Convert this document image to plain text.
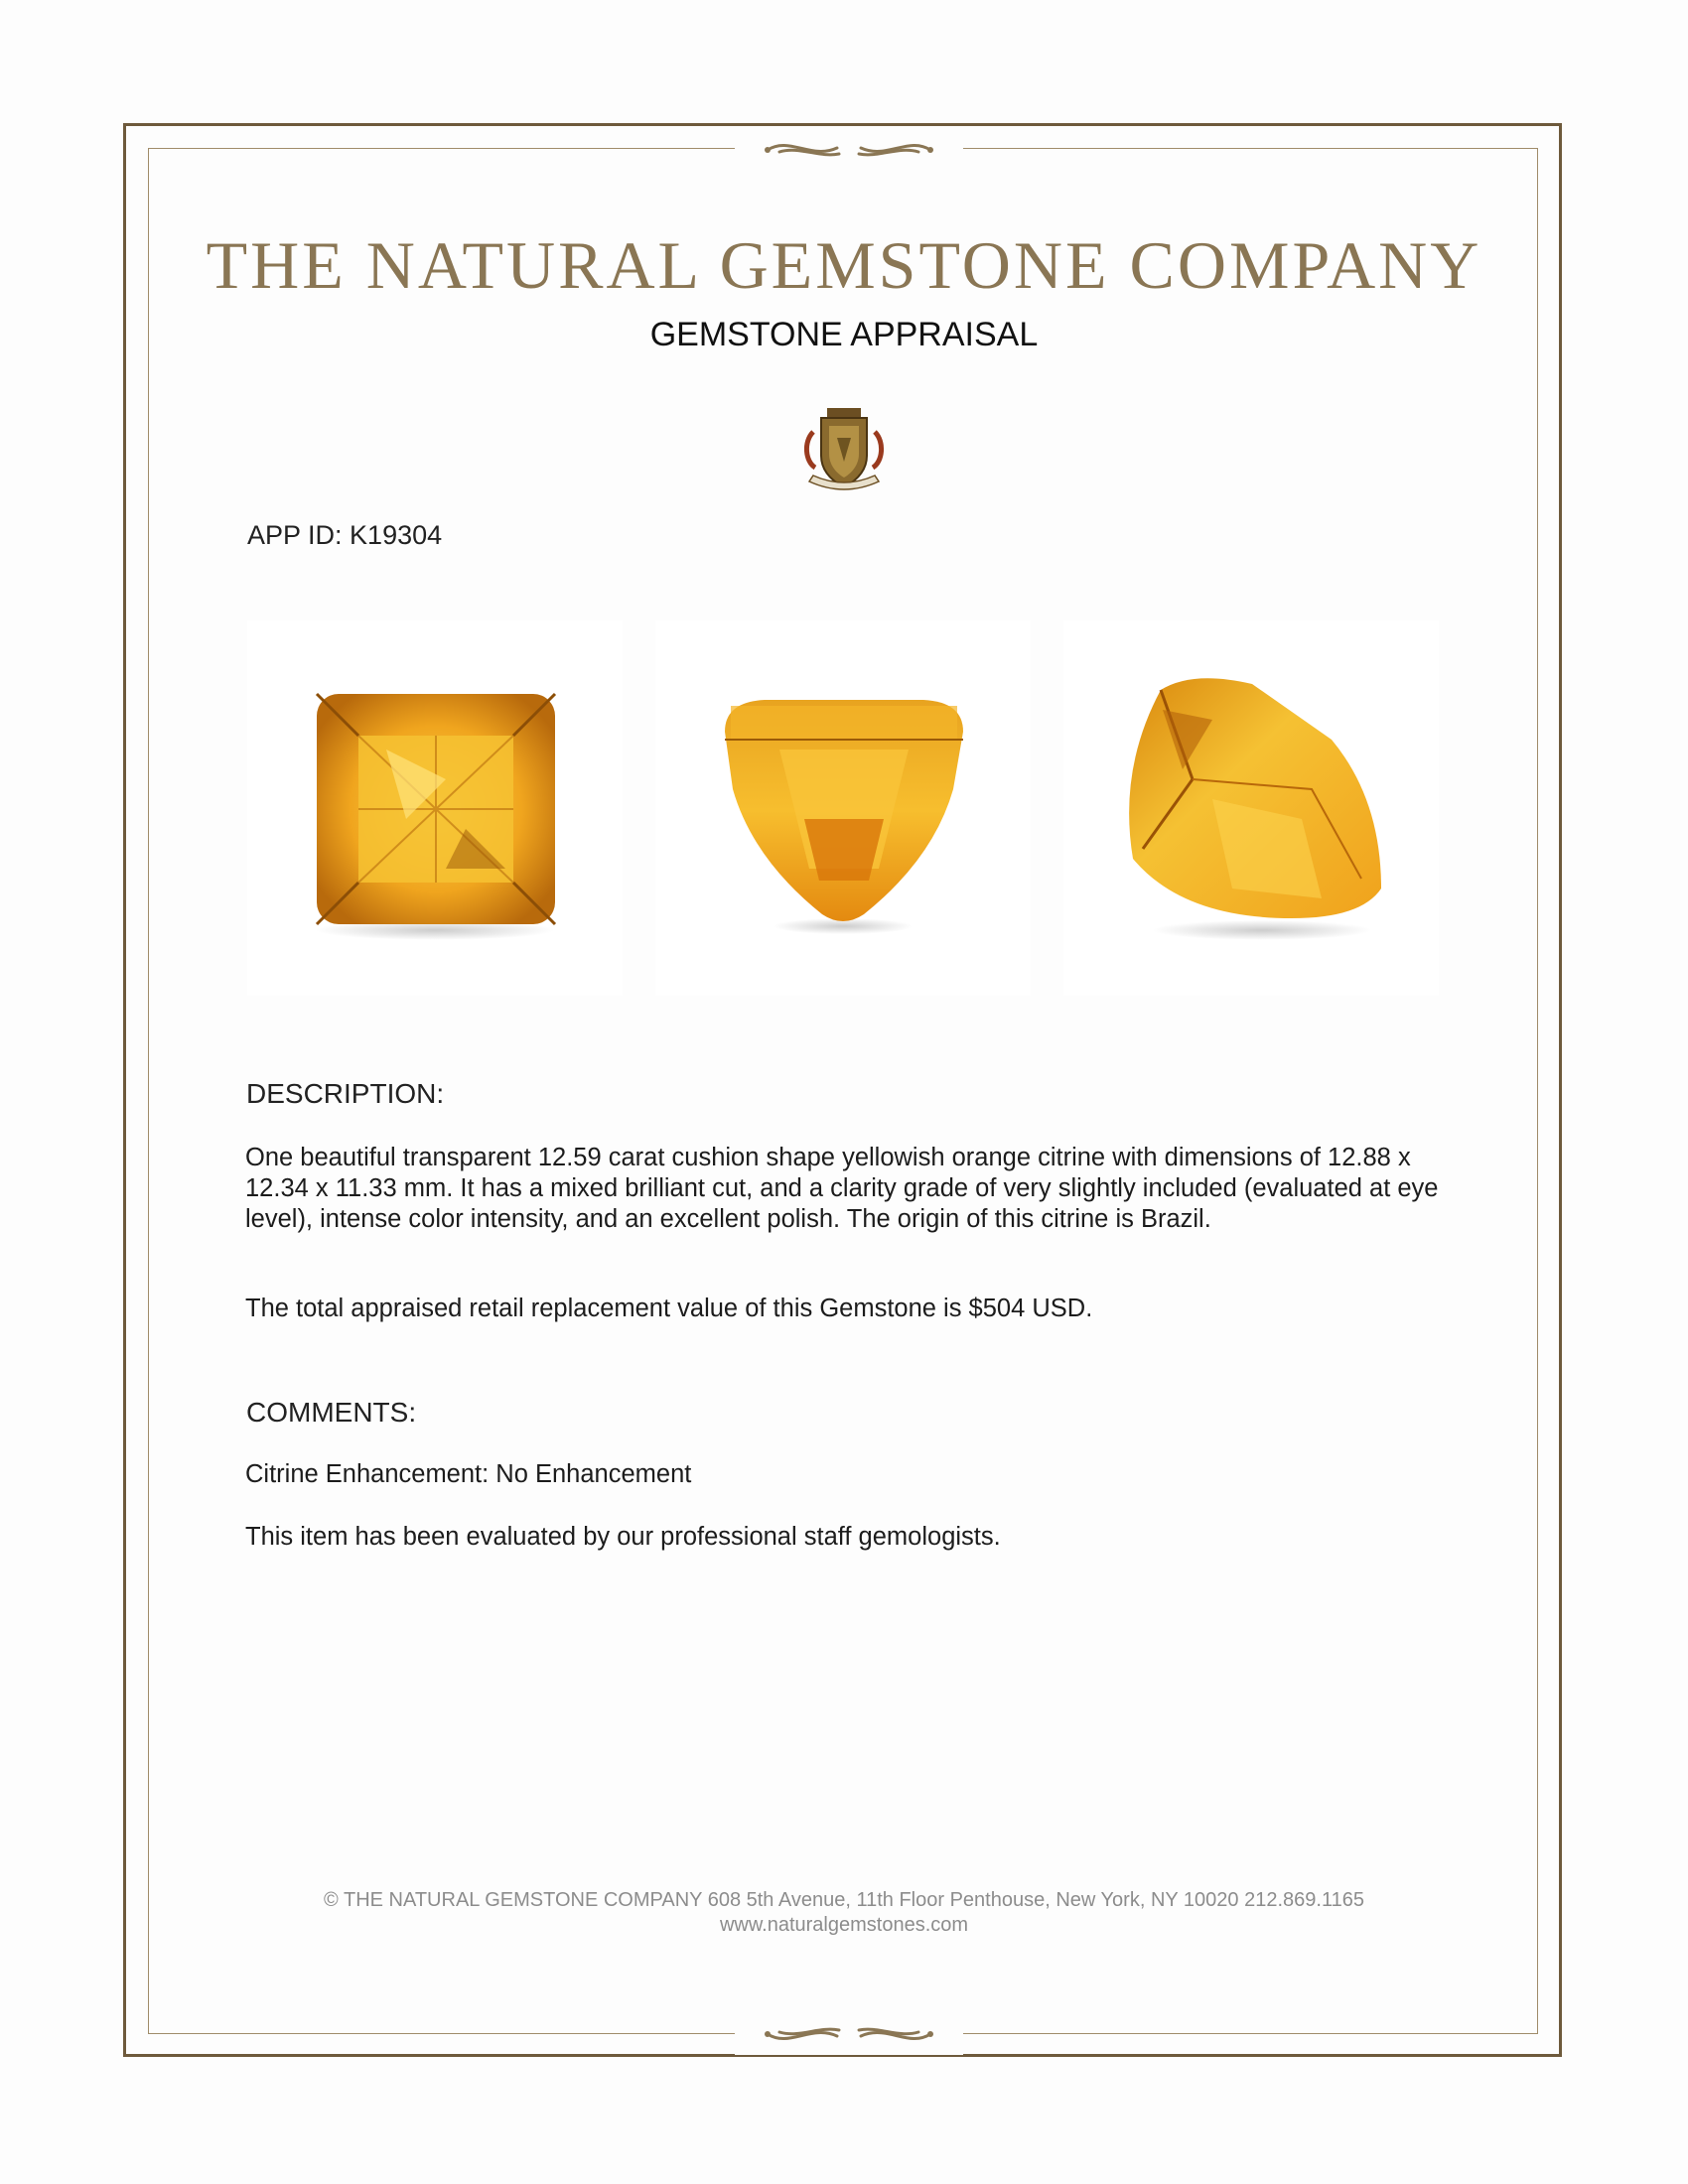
THE NATURAL GEMSTONE COMPANY
GEMSTONE APPRAISAL
APP ID: K19304
DESCRIPTION:
One beautiful transparent 12.59 carat cushion shape yellowish orange citrine with dimensions of 12.88 x 12.34 x 11.33 mm. It has a mixed brilliant cut, and a clarity grade of very slightly included (evaluated at eye level), intense color intensity, and an excellent polish. The origin of this citrine is Brazil.
The total appraised retail replacement value of this Gemstone is $504 USD.
COMMENTS:
Citrine Enhancement: No Enhancement
This item has been evaluated by our professional staff gemologists.
© THE NATURAL GEMSTONE COMPANY 608 5th Avenue, 11th Floor Penthouse, New York, NY 10020 212.869.1165
www.naturalgemstones.com
